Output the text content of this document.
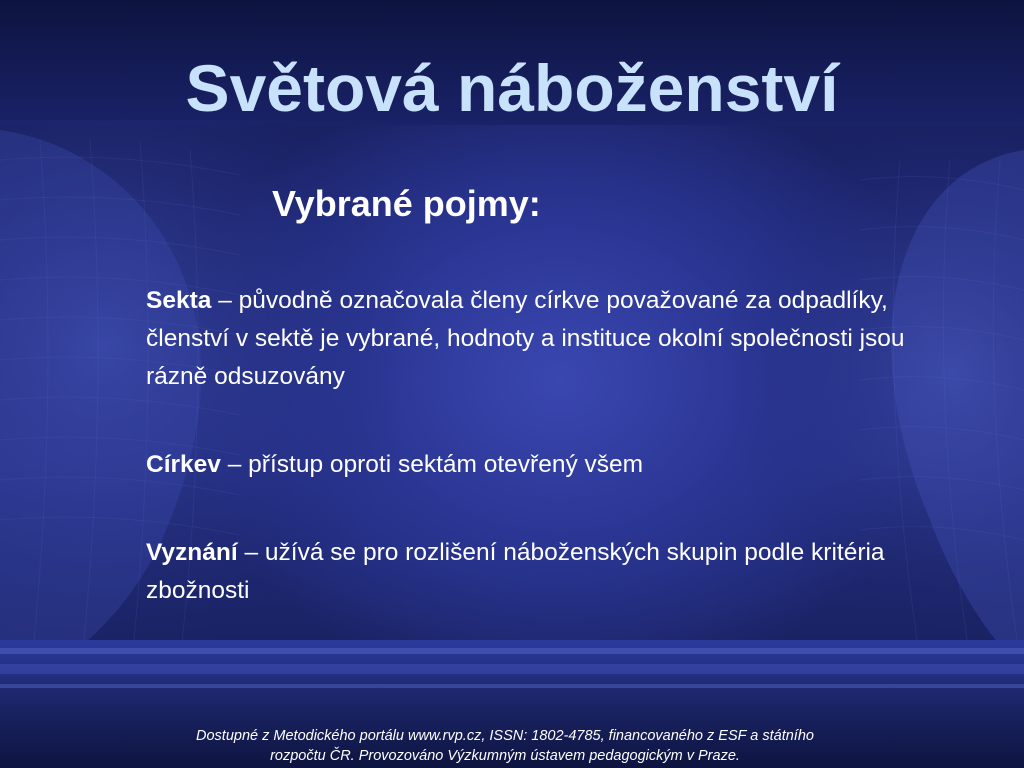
Světová náboženství
Vybrané pojmy:
Sekta – původně označovala členy církve považované za odpadlíky, členství v sektě je vybrané, hodnoty a instituce okolní společnosti jsou rázně odsuzovány
Církev – přístup oproti sektám otevřený všem
Vyznání – užívá se pro rozlišení náboženských skupin podle kritéria zbožnosti

Dostupné z Metodického portálu www.rvp.cz, ISSN: 1802-4785, financovaného z ESF a státního
rozpočtu ČR. Provozováno Výzkumným ústavem pedagogickým v Praze.
